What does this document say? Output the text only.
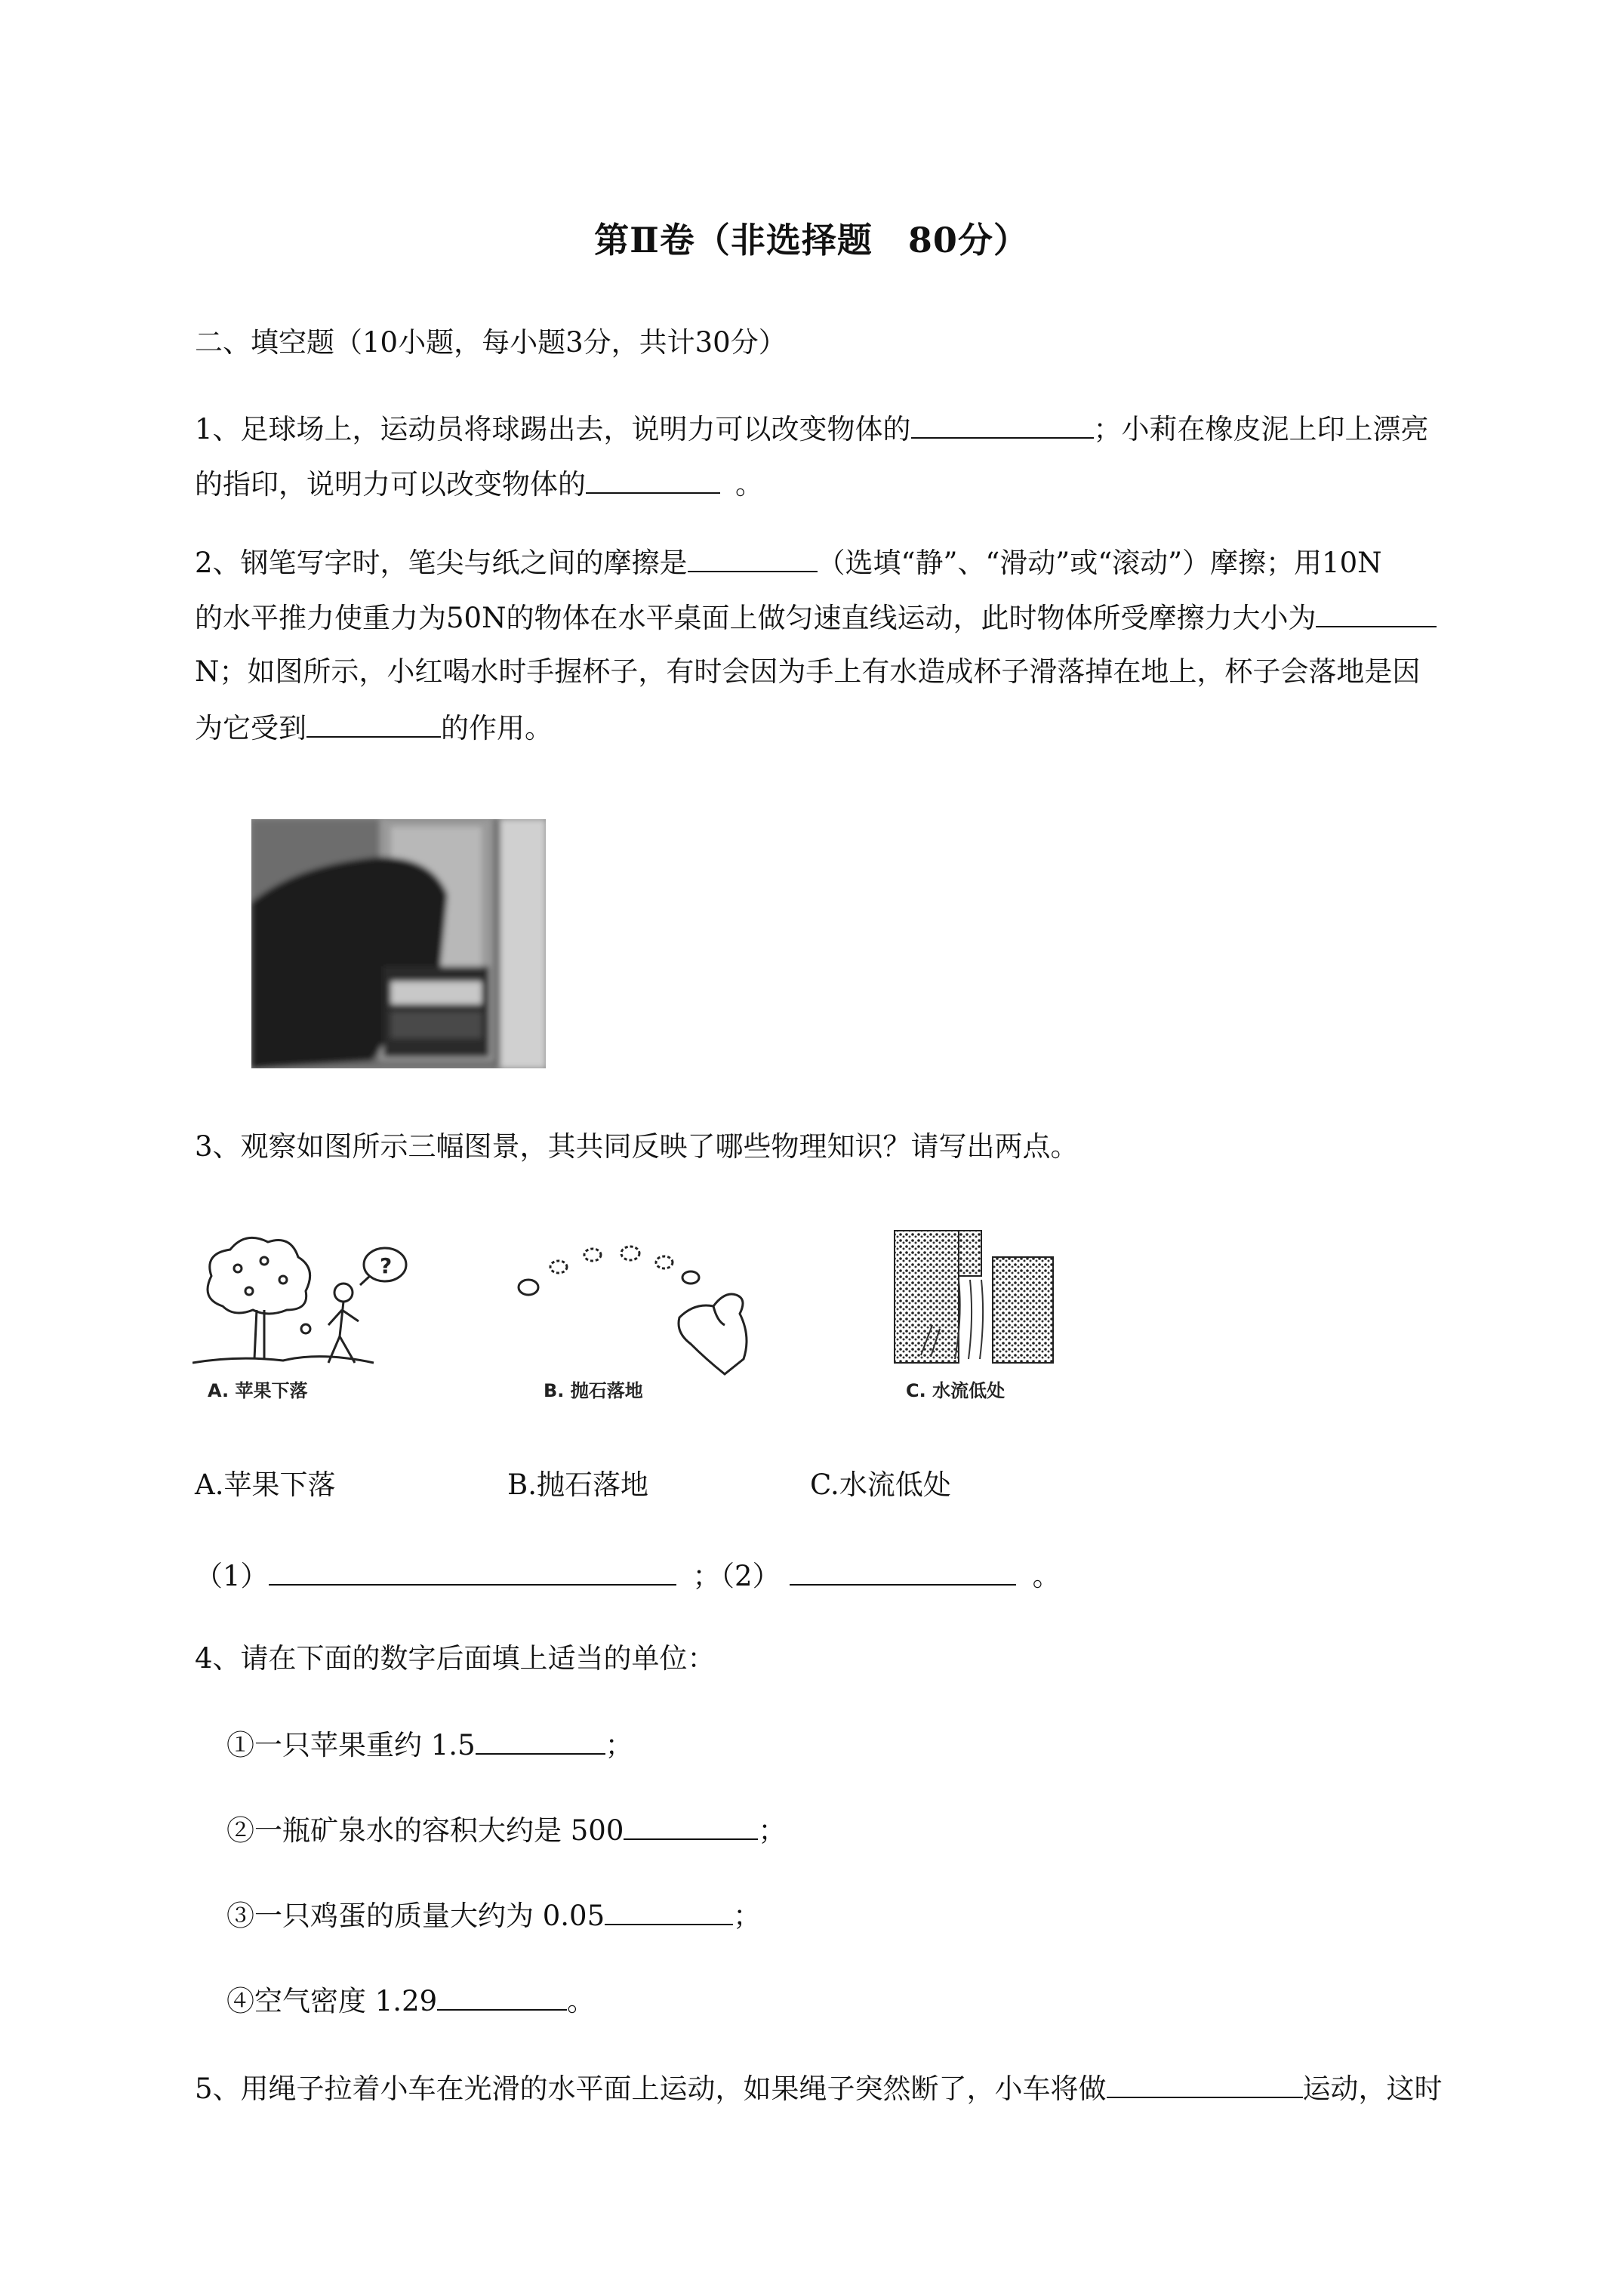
第Ⅱ卷（非选择题　80分）
二、填空题（10小题，每小题3分，共计30分）
1、足球场上，运动员将球踢出去，说明力可以改变物体的	；小莉在橡皮泥上印上漂亮
的指印，说明力可以改变物体的	。
2、钢笔写字时，笔尖与纸之间的摩擦是	（选填“静”、“滑动”或“滚动”）摩擦；用10N
的水平推力使重力为50N的物体在水平桌面上做匀速直线运动，此时物体所受摩擦力大小为
N；如图所示，小红喝水时手握杯子，有时会因为手上有水造成杯子滑落掉在地上，杯子会落地是因
为它受到	的作用。
3、观察如图所示三幅图景，其共同反映了哪些物理知识？请写出两点。
?
A. 苹果下落	B. 抛石落地	C. 水流低处
A.苹果下落	B.抛石落地	C.水流低处
（1）	；（2）	。
4、请在下面的数字后面填上适当的单位：
①一只苹果重约 1.5	；
②一瓶矿泉水的容积大约是 500	；
③一只鸡蛋的质量大约为 0.05	；
④空气密度 1.29	。
5、用绳子拉着小车在光滑的水平面上运动，如果绳子突然断了，小车将做	运动，这时
